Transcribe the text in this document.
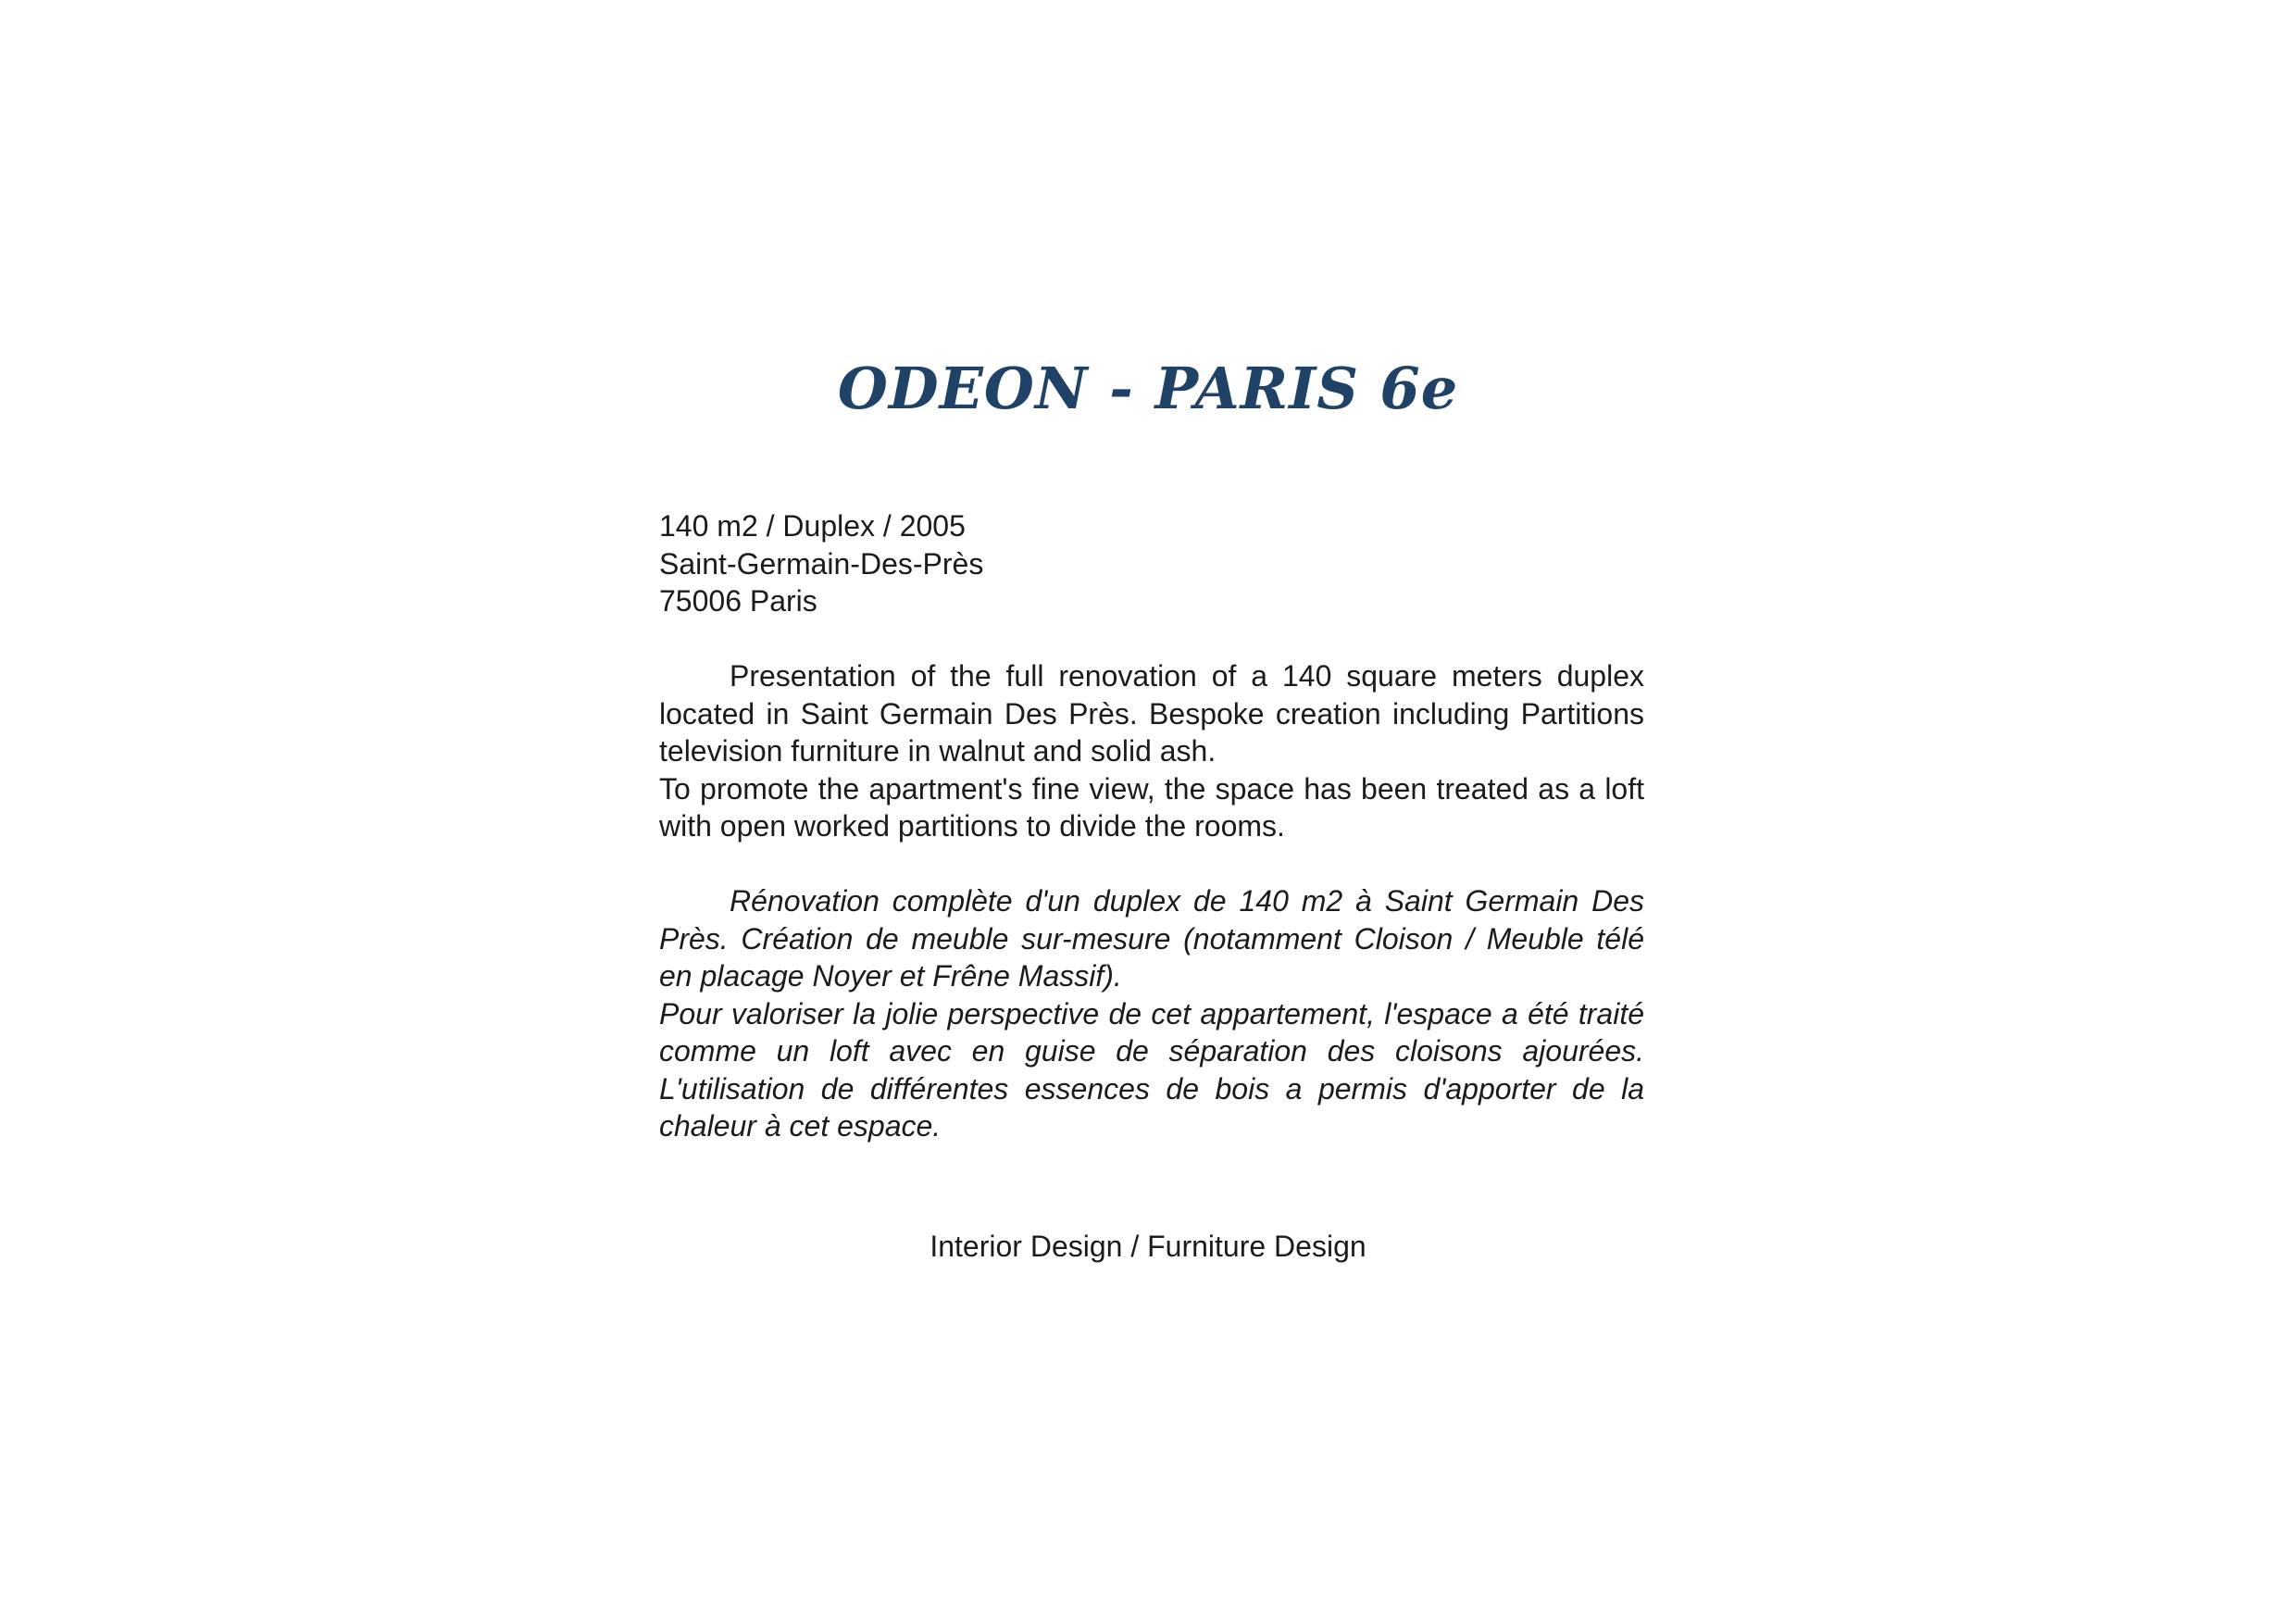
ODEON - PARIS 6e
140 m2 / Duplex / 2005
Saint-Germain-Des-Près
75006 Paris

Presentation of the full renovation of a 140 square meters duplex located in Saint Germain Des Près. Bespoke creation including Partitions television furniture in walnut and solid ash.

To promote the apartment's fine view, the space has been treated as a loft with open worked partitions to divide the rooms.

Rénovation complète d'un duplex de 140 m2 à Saint Germain Des Près. Création de meuble sur-mesure (notamment Cloison / Meuble télé en placage Noyer et Frêne Massif).

Pour valoriser la jolie perspective de cet appartement, l'espace a été traité comme un loft avec en guise de séparation des cloisons ajourées. L'utilisation de différentes essences de bois a permis d'apporter de la chaleur à cet espace.

Interior Design / Furniture Design
